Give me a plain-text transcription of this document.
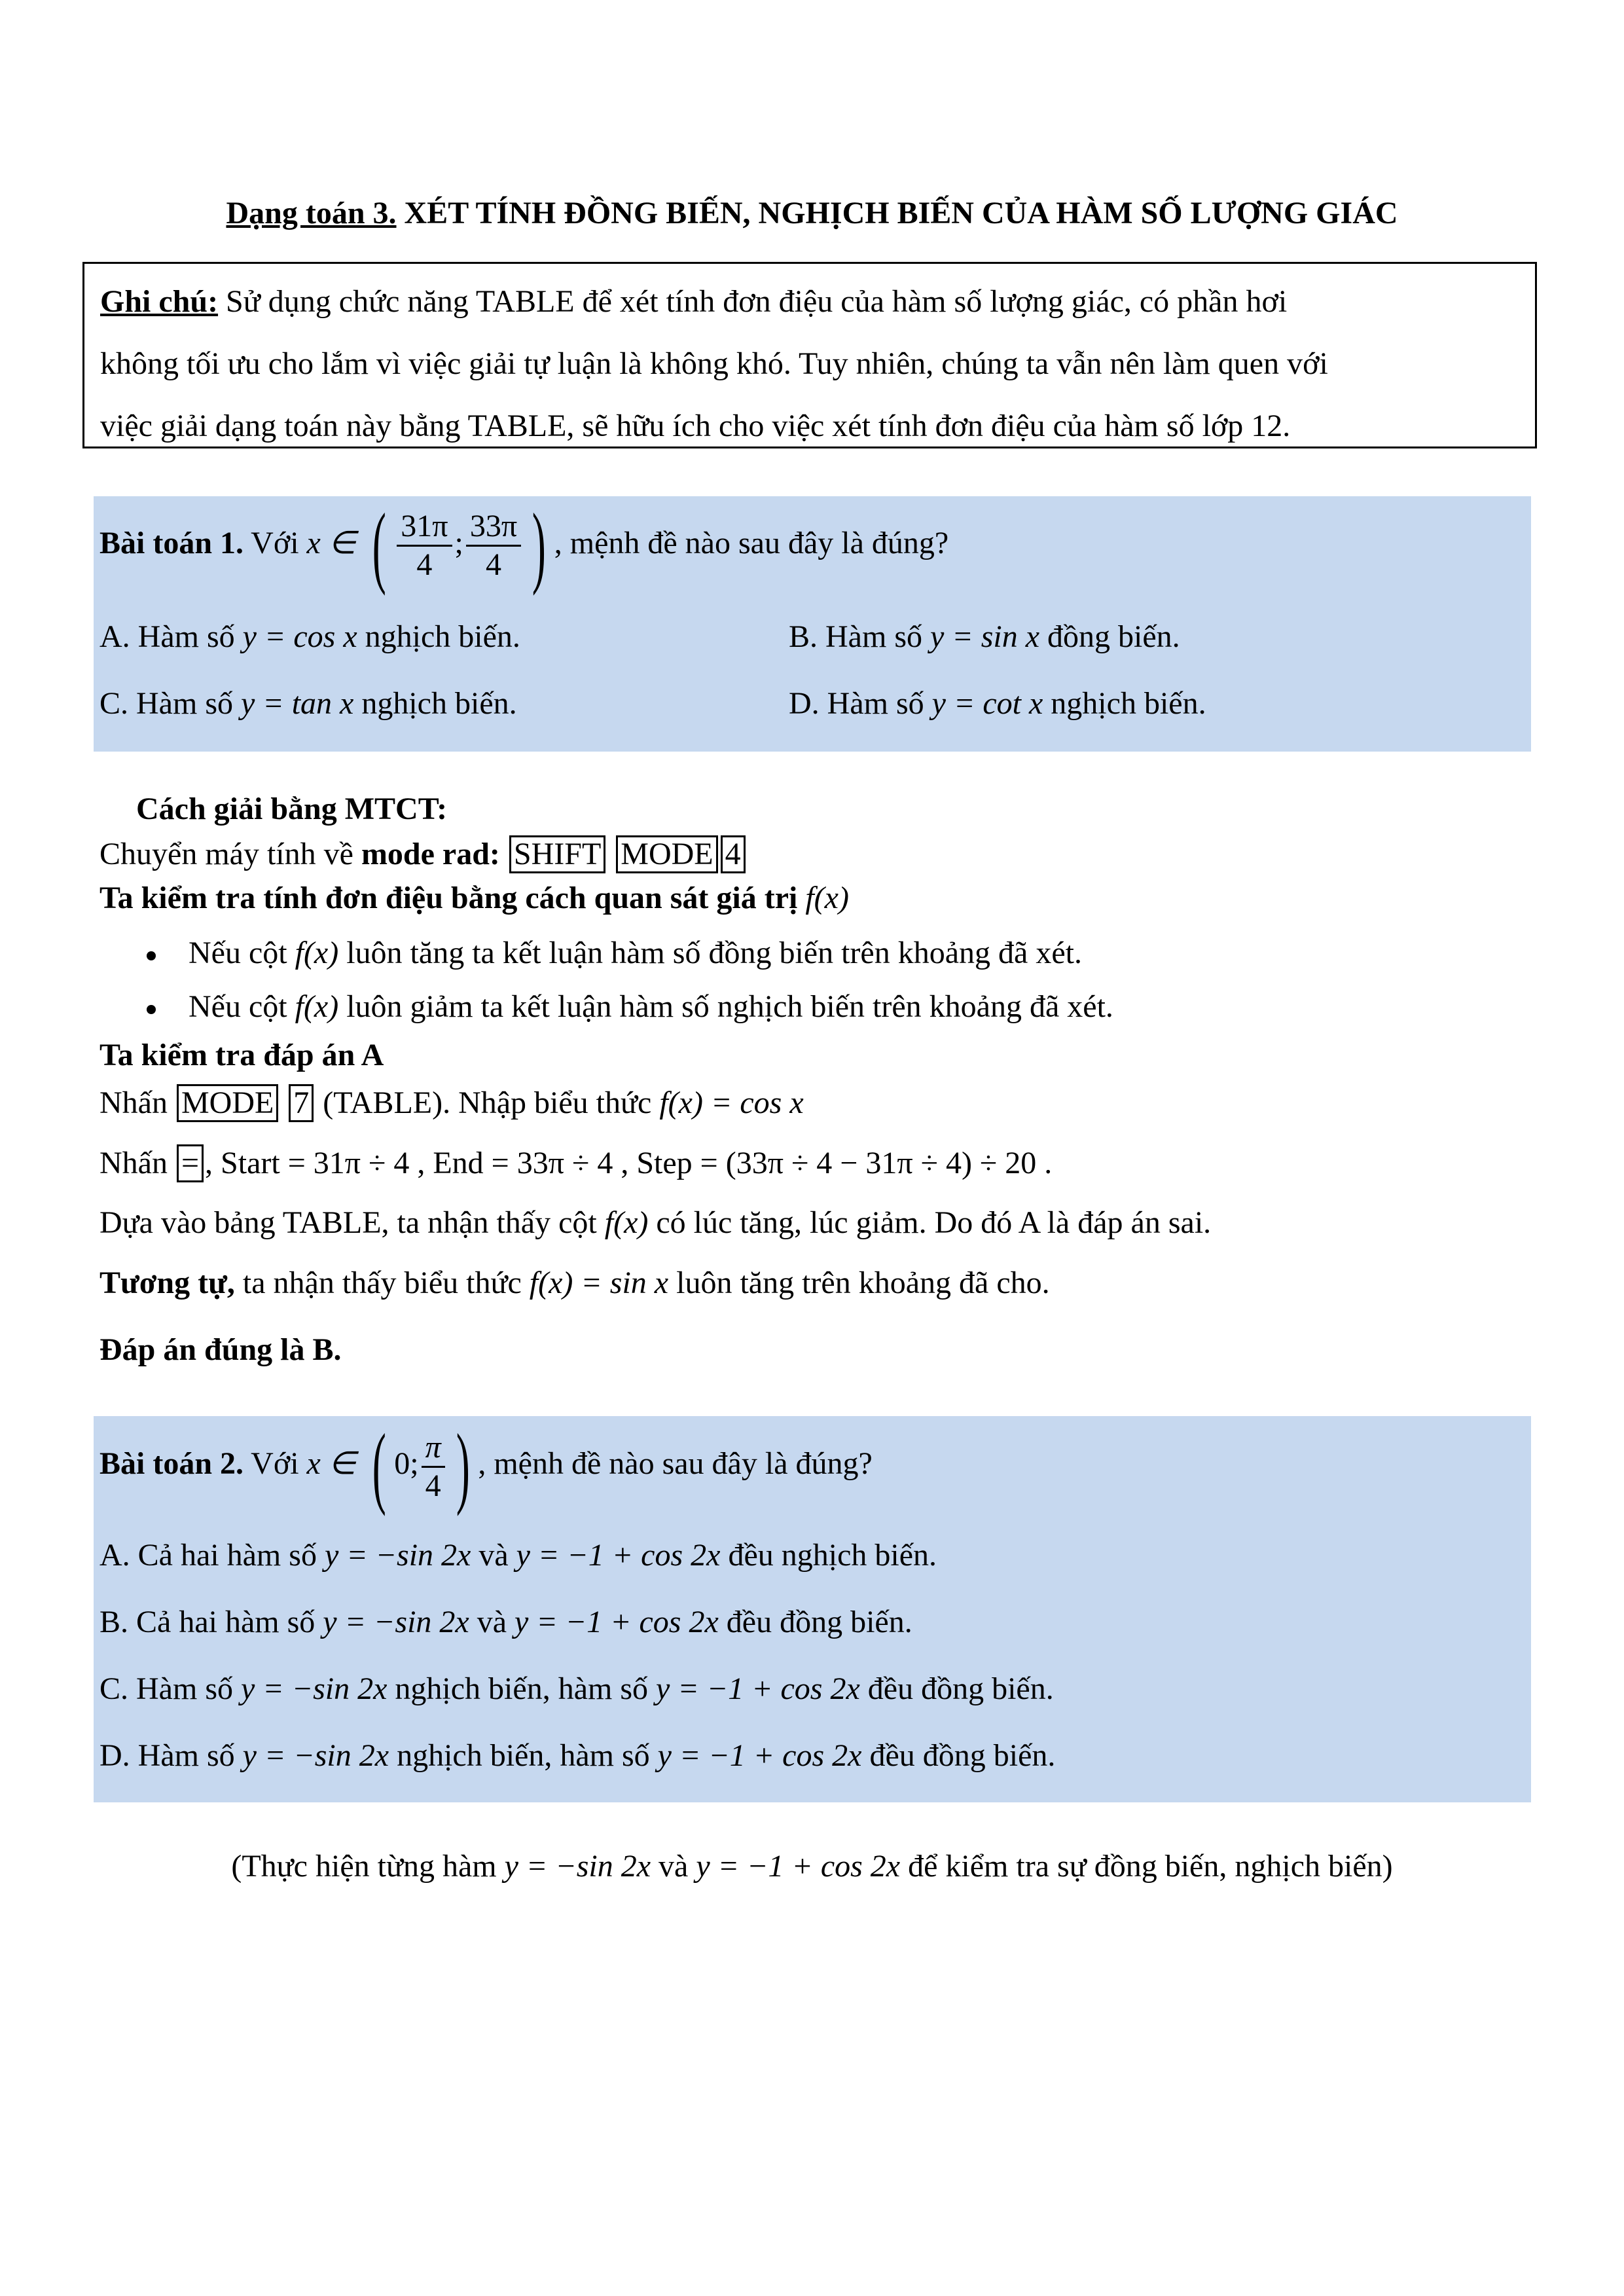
Dạng toán 3. XÉT TÍNH ĐỒNG BIẾN, NGHỊCH BIẾN CỦA HÀM SỐ LƯỢNG GIÁC

Ghi chú: Sử dụng chức năng TABLE để xét tính đơn điệu của hàm số lượng giác, có phần hơi

không tối ưu cho lắm vì việc giải tự luận là không khó. Tuy nhiên, chúng ta vẫn nên làm quen với

việc giải dạng toán này bằng TABLE, sẽ hữu ích cho việc xét tính đơn điệu của hàm số lớp 12.

Bài toán 1. Với x ∈ ( $\frac{31\pi}{4}$ ; $\frac{33\pi}{4}$ ) , mệnh đề nào sau đây là đúng?
A. Hàm số y = cos x nghịch biến.	B. Hàm số y = sin x đồng biến.
C. Hàm số y = tan x nghịch biến.	D. Hàm số y = cot x nghịch biến.
Cách giải bằng MTCT:
Chuyển máy tính về mode rad: SHIFT MODE 4
Ta kiểm tra tính đơn điệu bằng cách quan sát giá trị f(x)
Nếu cột f(x) luôn tăng ta kết luận hàm số đồng biến trên khoảng đã xét.
Nếu cột f(x) luôn giảm ta kết luận hàm số nghịch biến trên khoảng đã xét.
Ta kiểm tra đáp án A
Nhấn MODE 7 (TABLE). Nhập biểu thức f(x) = cos x
Nhấn = , Start = 31π ÷ 4 , End = 33π ÷ 4 , Step = (33π ÷ 4 − 31π ÷ 4) ÷ 20 .
Dựa vào bảng TABLE, ta nhận thấy cột f(x) có lúc tăng, lúc giảm. Do đó A là đáp án sai.
Tương tự, ta nhận thấy biểu thức f(x) = sin x luôn tăng trên khoảng đã cho.
Đáp án đúng là B.
Bài toán 2. Với x ∈ ( 0; $\frac{\pi}{4}$ ) , mệnh đề nào sau đây là đúng?
A. Cả hai hàm số y = −sin 2x và y = −1 + cos 2x đều nghịch biến.
B. Cả hai hàm số y = −sin 2x và y = −1 + cos 2x đều đồng biến.
C. Hàm số y = −sin 2x nghịch biến, hàm số y = −1 + cos 2x đều đồng biến.
D. Hàm số y = −sin 2x nghịch biến, hàm số y = −1 + cos 2x đều đồng biến.
(Thực hiện từng hàm y = −sin 2x và y = −1 + cos 2x để kiểm tra sự đồng biến, nghịch biến)
